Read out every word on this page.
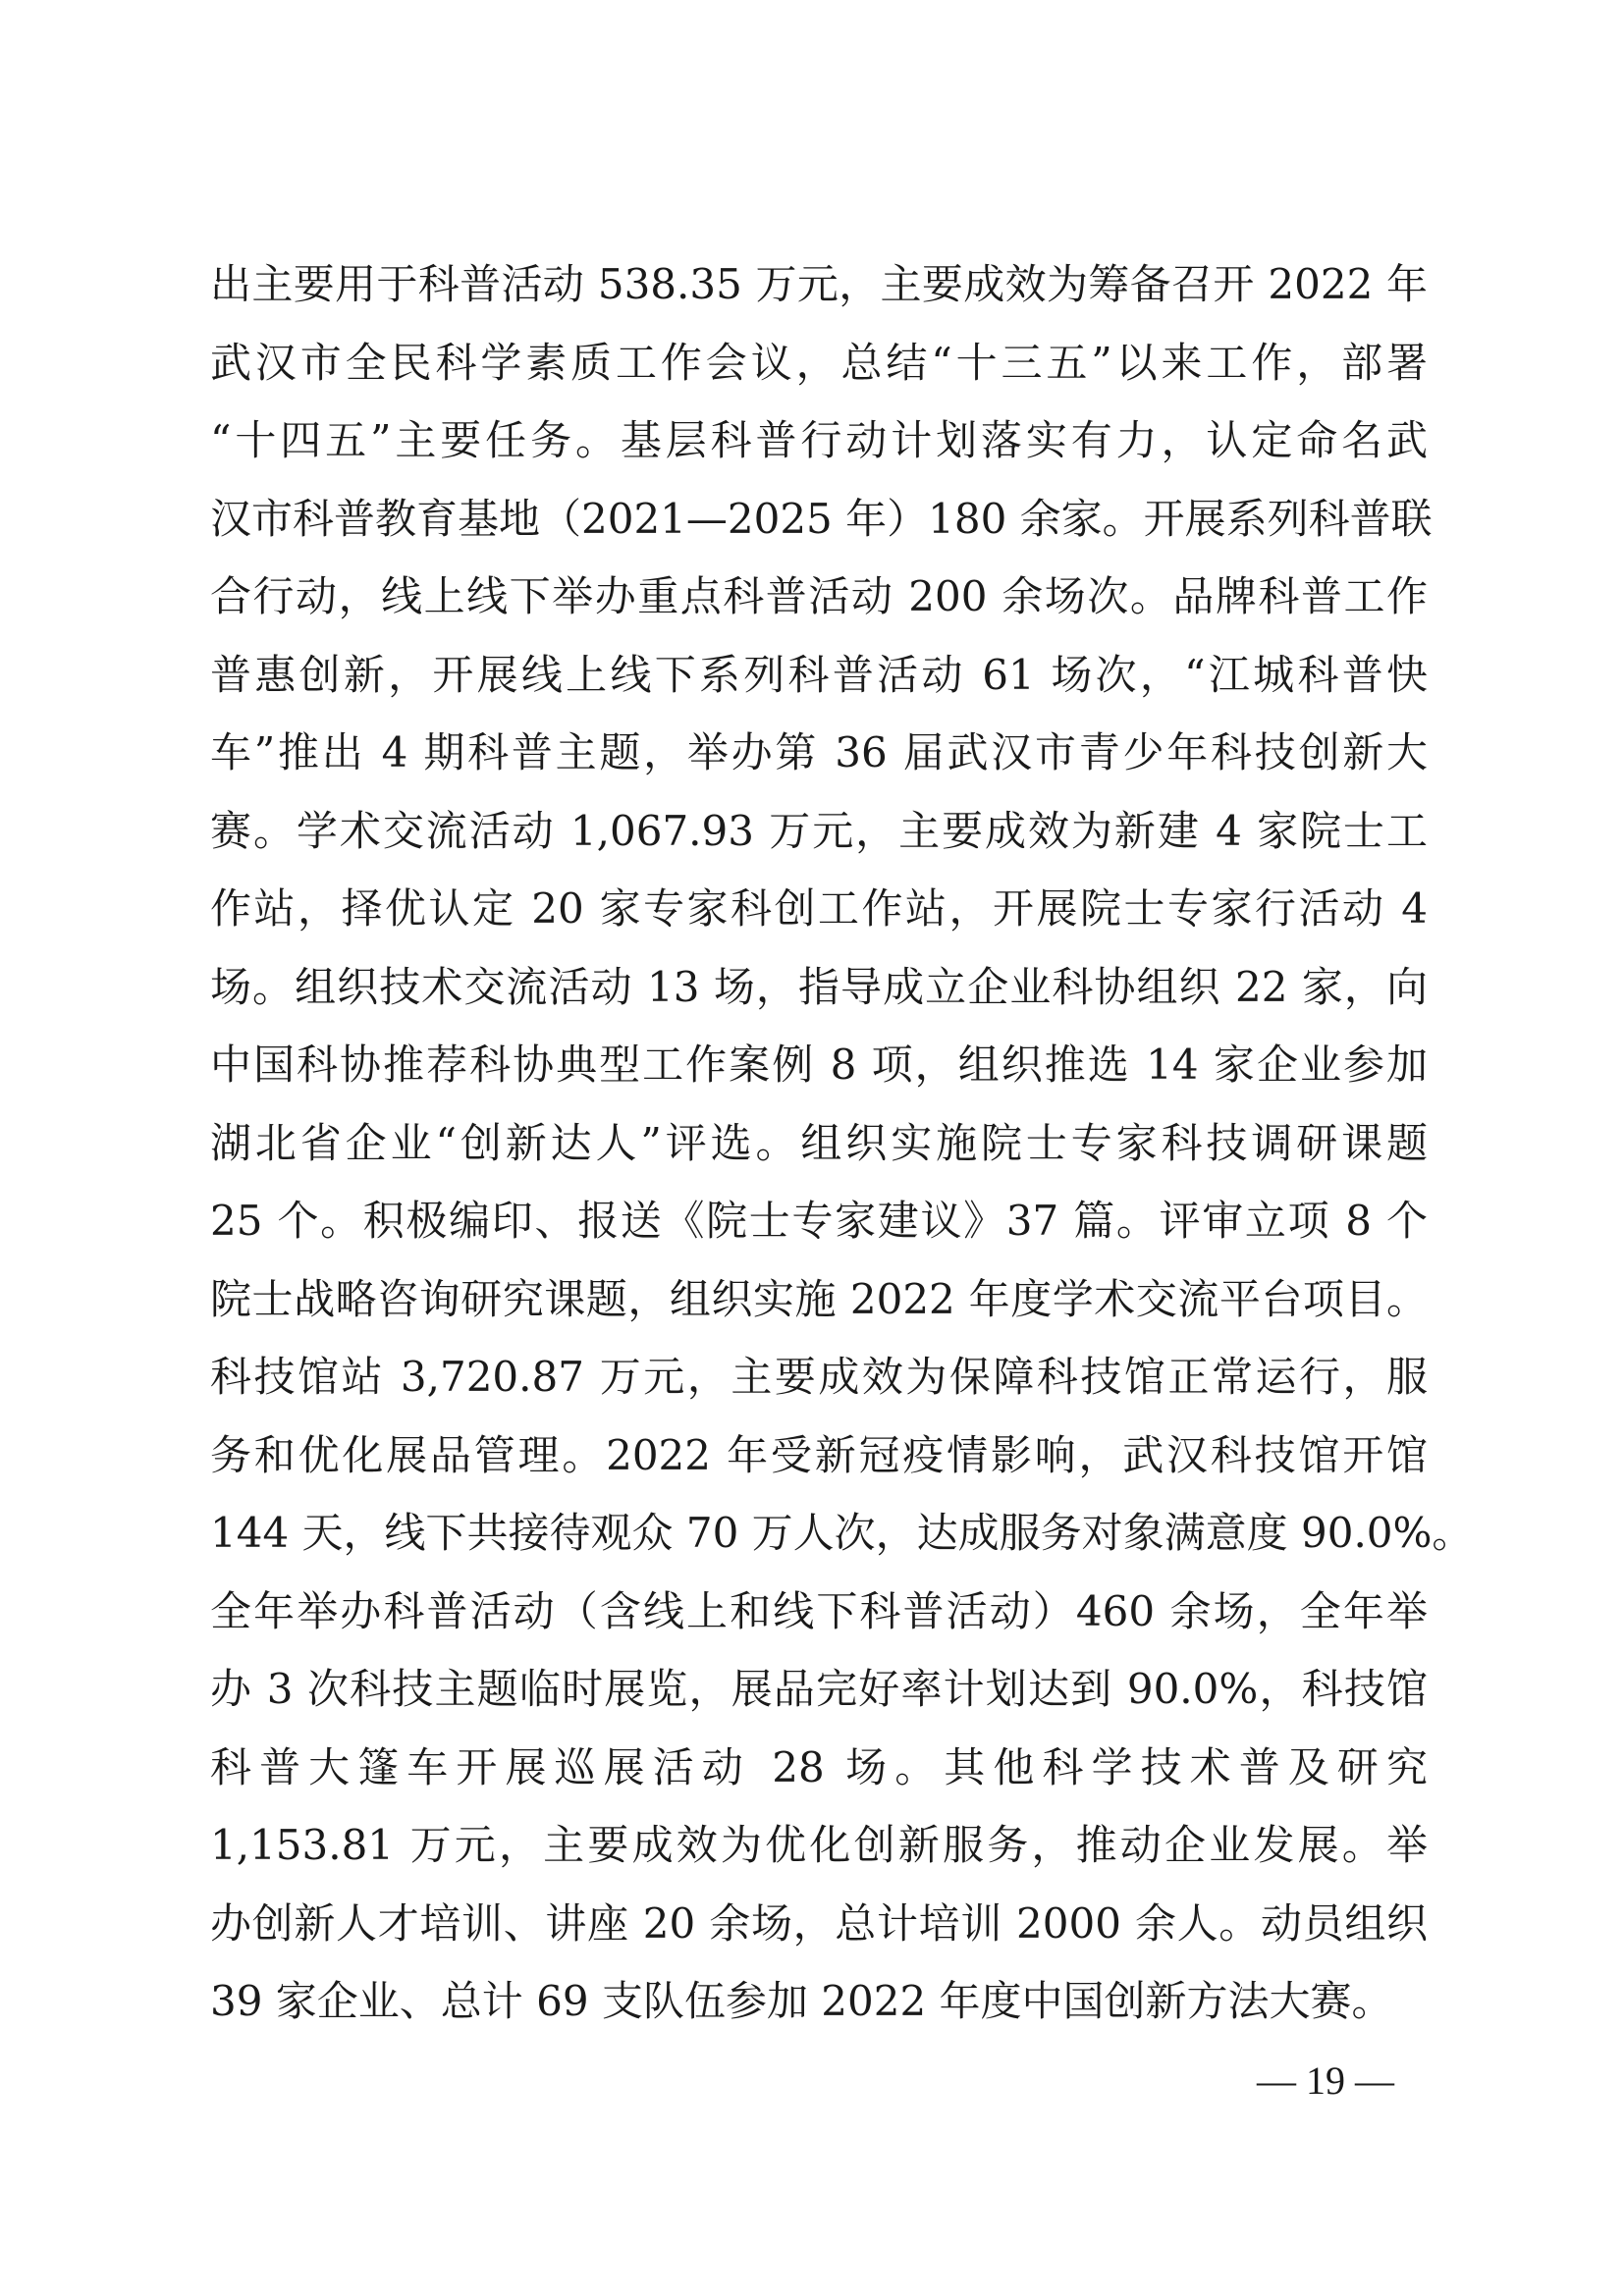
出主要用于科普活动 538.35 万元，主要成效为筹备召开 2022 年
武汉市全民科学素质工作会议，总结“十三五”以来工作，部署
“十四五”主要任务。基层科普行动计划落实有力，认定命名武
汉市科普教育基地（2021—2025 年）180 余家。开展系列科普联
合行动，线上线下举办重点科普活动 200 余场次。品牌科普工作
普惠创新，开展线上线下系列科普活动 61 场次，“江城科普快
车”推出 4 期科普主题，举办第 36 届武汉市青少年科技创新大
赛。学术交流活动 1,067.93 万元，主要成效为新建 4 家院士工
作站，择优认定 20 家专家科创工作站，开展院士专家行活动 4
场。组织技术交流活动 13 场，指导成立企业科协组织 22 家，向
中国科协推荐科协典型工作案例 8 项，组织推选 14 家企业参加
湖北省企业“创新达人”评选。组织实施院士专家科技调研课题
25 个。积极编印、报送《院士专家建议》37 篇。评审立项 8 个
院士战略咨询研究课题，组织实施 2022 年度学术交流平台项目。
科技馆站 3,720.87 万元，主要成效为保障科技馆正常运行，服
务和优化展品管理。2022 年受新冠疫情影响，武汉科技馆开馆
144 天，线下共接待观众 70 万人次，达成服务对象满意度 90.0%。
全年举办科普活动（含线上和线下科普活动）460 余场，全年举
办 3 次科技主题临时展览，展品完好率计划达到 90.0%，科技馆
科普大篷车开展巡展活动 28 场。其他科学技术普及研究
1,153.81 万元，主要成效为优化创新服务，推动企业发展。举
办创新人才培训、讲座 20 余场，总计培训 2000 余人。动员组织
39 家企业、总计 69 支队伍参加 2022 年度中国创新方法大赛。
— 19 —
